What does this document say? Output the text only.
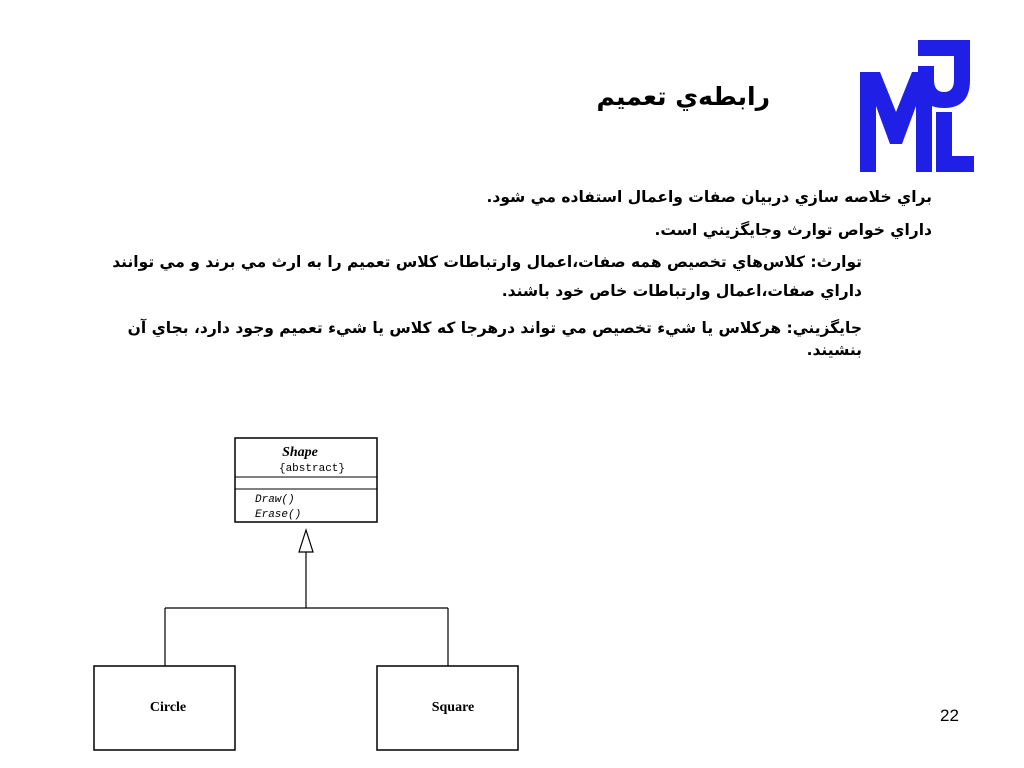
رابطه‌ي تعميم

براي خلاصه سازي دربيان صفات واعمال استفاده مي شود.

داراي خواص توارث وجايگزيني است.

توارث: كلاس‌هاي تخصيص همه صفات،اعمال وارتباطات كلاس تعميم را به ارث مي برند و مي توانند داراي صفات،اعمال وارتباطات خاص خود باشند.

جايگزيني: هركلاس يا شيء تخصيص مي تواند درهرجا كه كلاس يا شيء تعميم وجود دارد، بجاي آن بنشيند.

Shape
{abstract}
Draw()
Erase()
Circle	Square	22
